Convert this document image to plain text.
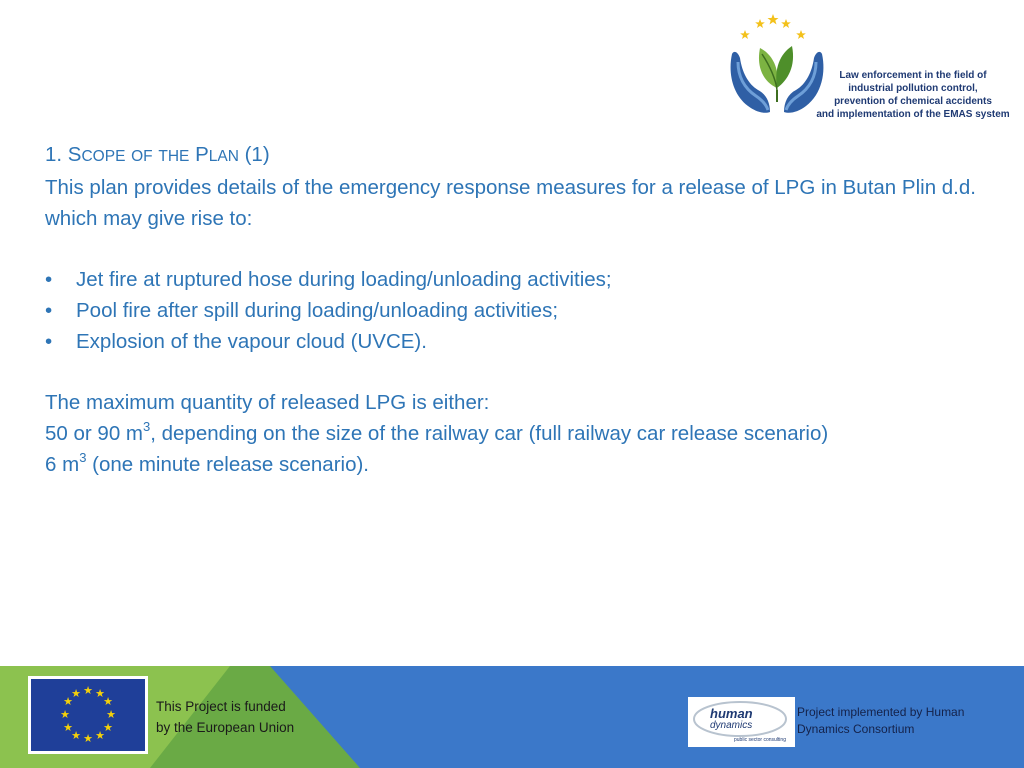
Law enforcement in the field of
industrial pollution control,
prevention of chemical accidents
and implementation of the EMAS system
1. SCOPE OF THE PLAN (1)
This plan provides details of the emergency response measures for a release of LPG in Butan Plin d.d. which may give rise to:
• Jet fire at ruptured hose during loading/unloading activities;
• Pool fire after spill during loading/unloading activities;
• Explosion of the vapour cloud (UVCE).
The maximum quantity of released LPG is either:
50 or 90 $m^3$, depending on the size of the railway car (full railway car release scenario)
6 $m^3$ (one minute release scenario).
★ ★
★
★
★
★
★
★
★
★
★
★
This Project is funded
by the European Union
human
dynamics
public sector consulting
Project implemented by Human Dynamics Consortium
